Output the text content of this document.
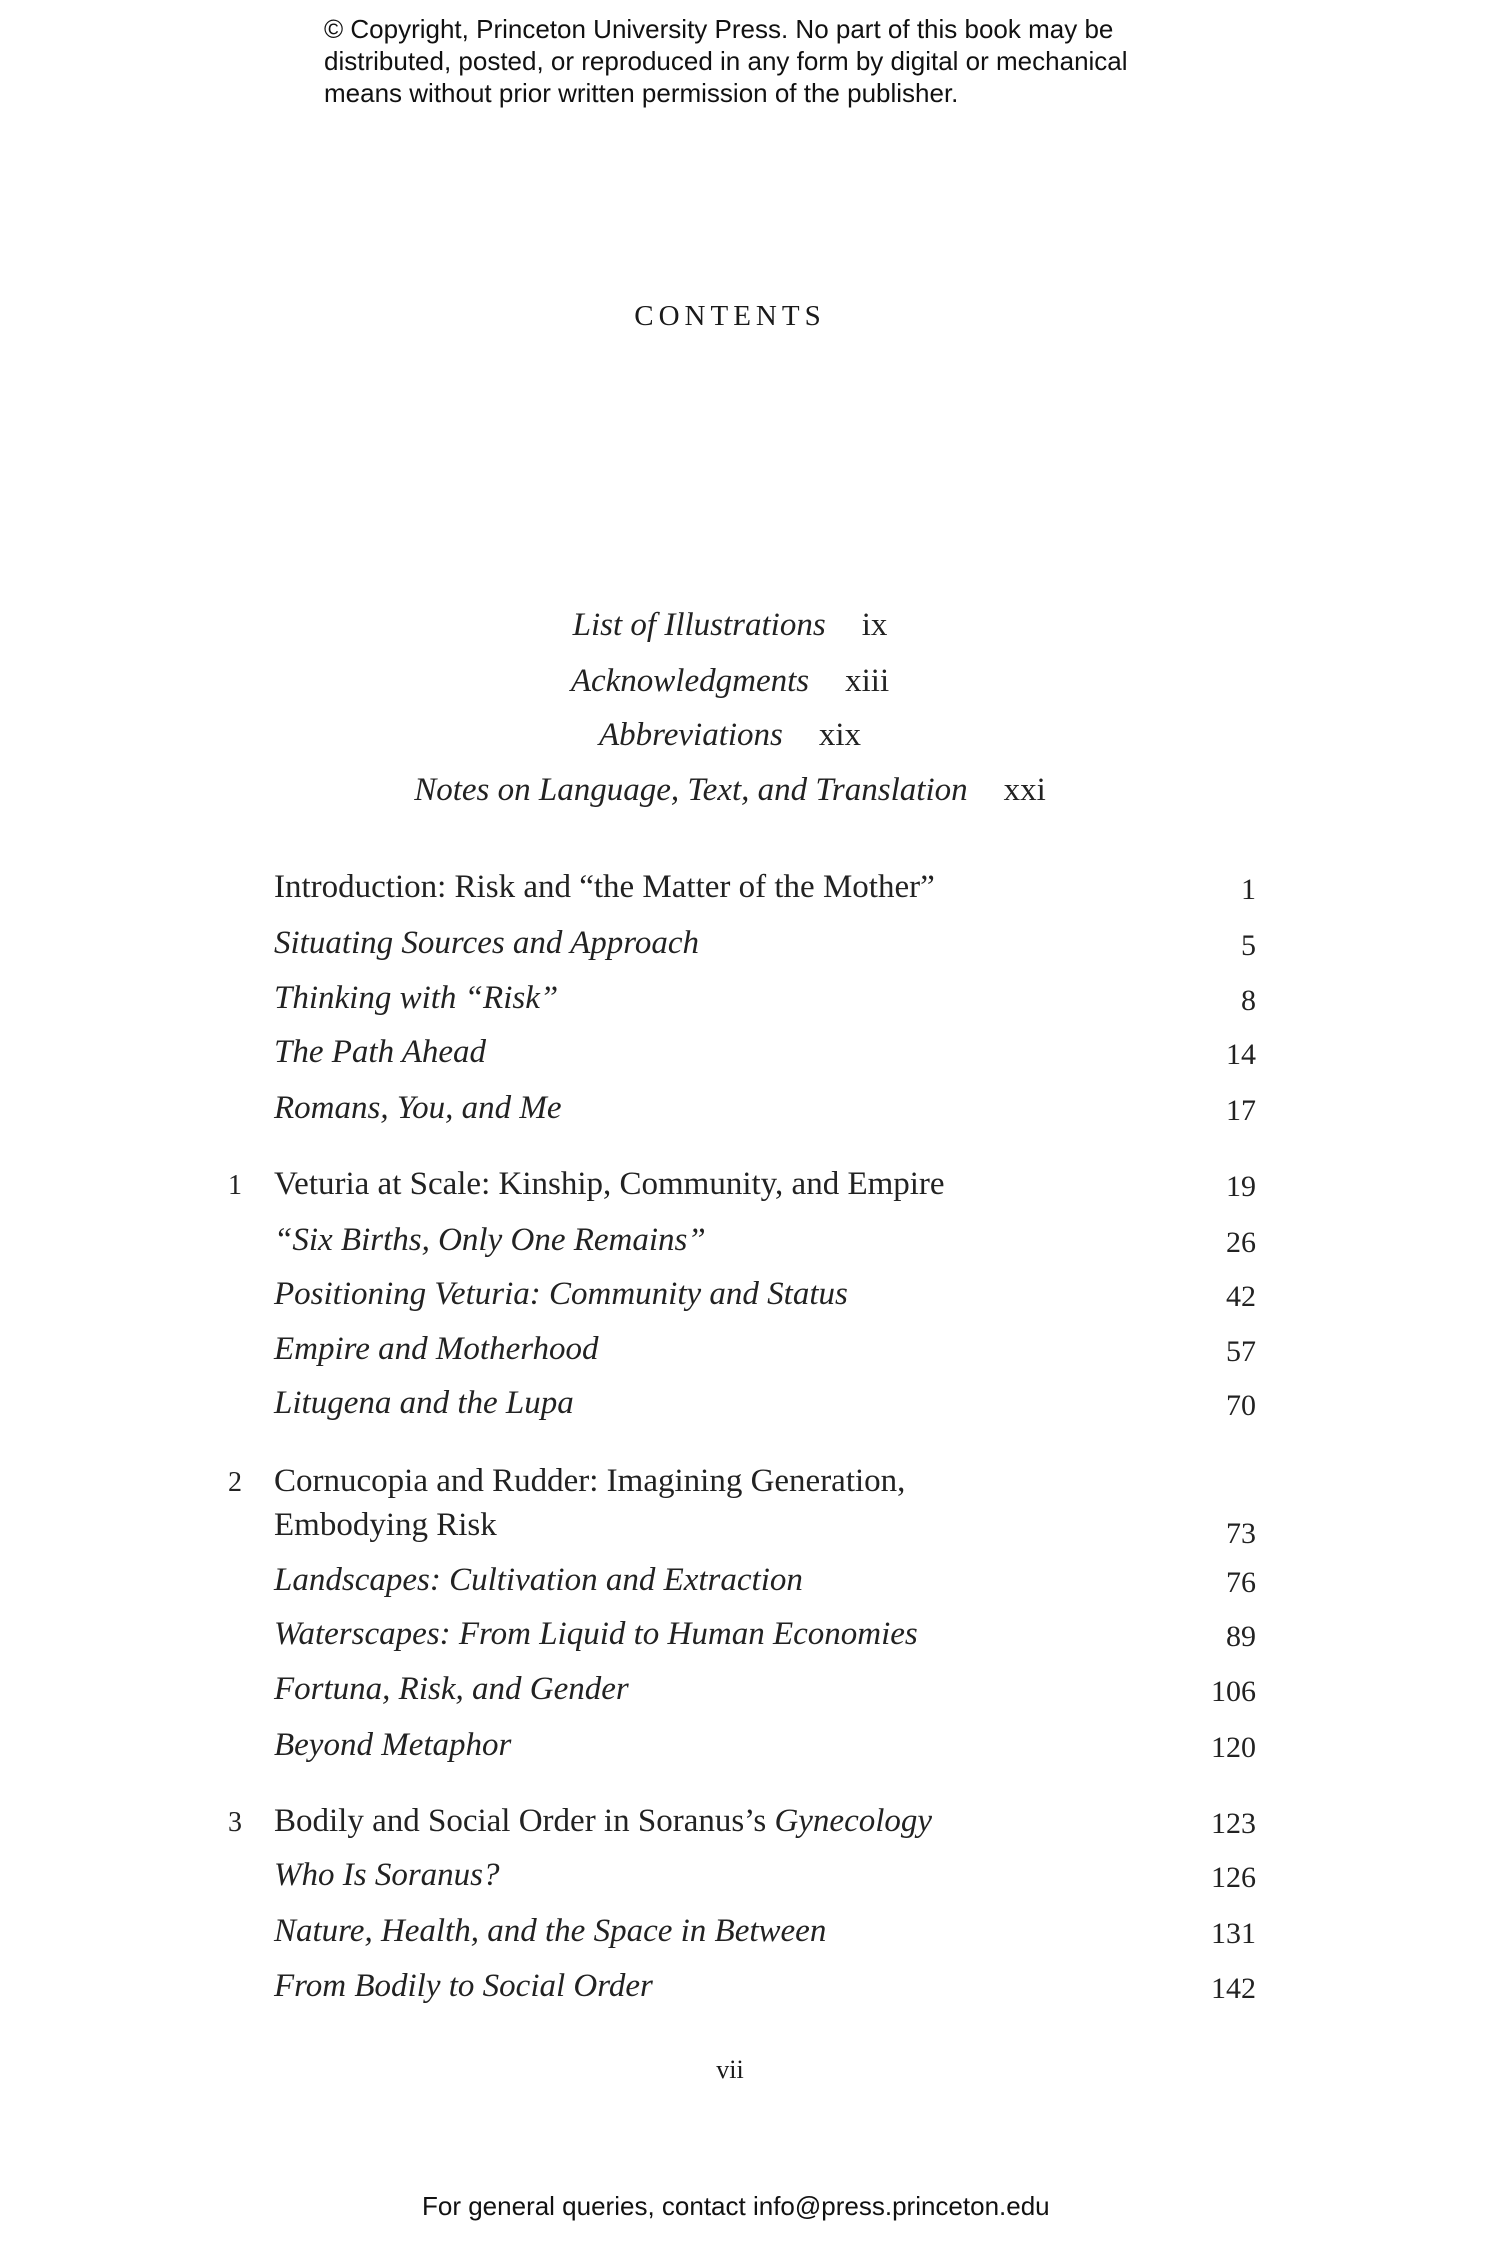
© Copyright, Princeton University Press. No part of this book may be
distributed, posted, or reproduced in any form by digital or mechanical
means without prior written permission of the publisher.
CONTENTS
List of Illustrations ix
Acknowledgments xiii
Abbreviations xix
Notes on Language, Text, and Translation xxi
Introduction: Risk and “the Matter of the Mother”	1
Situating Sources and Approach	5
Thinking with “Risk”	8
The Path Ahead	14
Romans, You, and Me	17
1 Veturia at Scale: Kinship, Community, and Empire	19
“Six Births, Only One Remains”	26
Positioning Veturia: Community and Status	42
Empire and Motherhood	57
Litugena and the Lupa	70
2 Cornucopia and Rudder: Imagining Generation,
Embodying Risk	73
Landscapes: Cultivation and Extraction	76
Waterscapes: From Liquid to Human Economies	89
Fortuna, Risk, and Gender	106
Beyond Metaphor	120
3 Bodily and Social Order in Soranus’s Gynecology	123
Who Is Soranus?	126
Nature, Health, and the Space in Between	131
From Bodily to Social Order	142
vii
For general queries, contact info@press.princeton.edu
